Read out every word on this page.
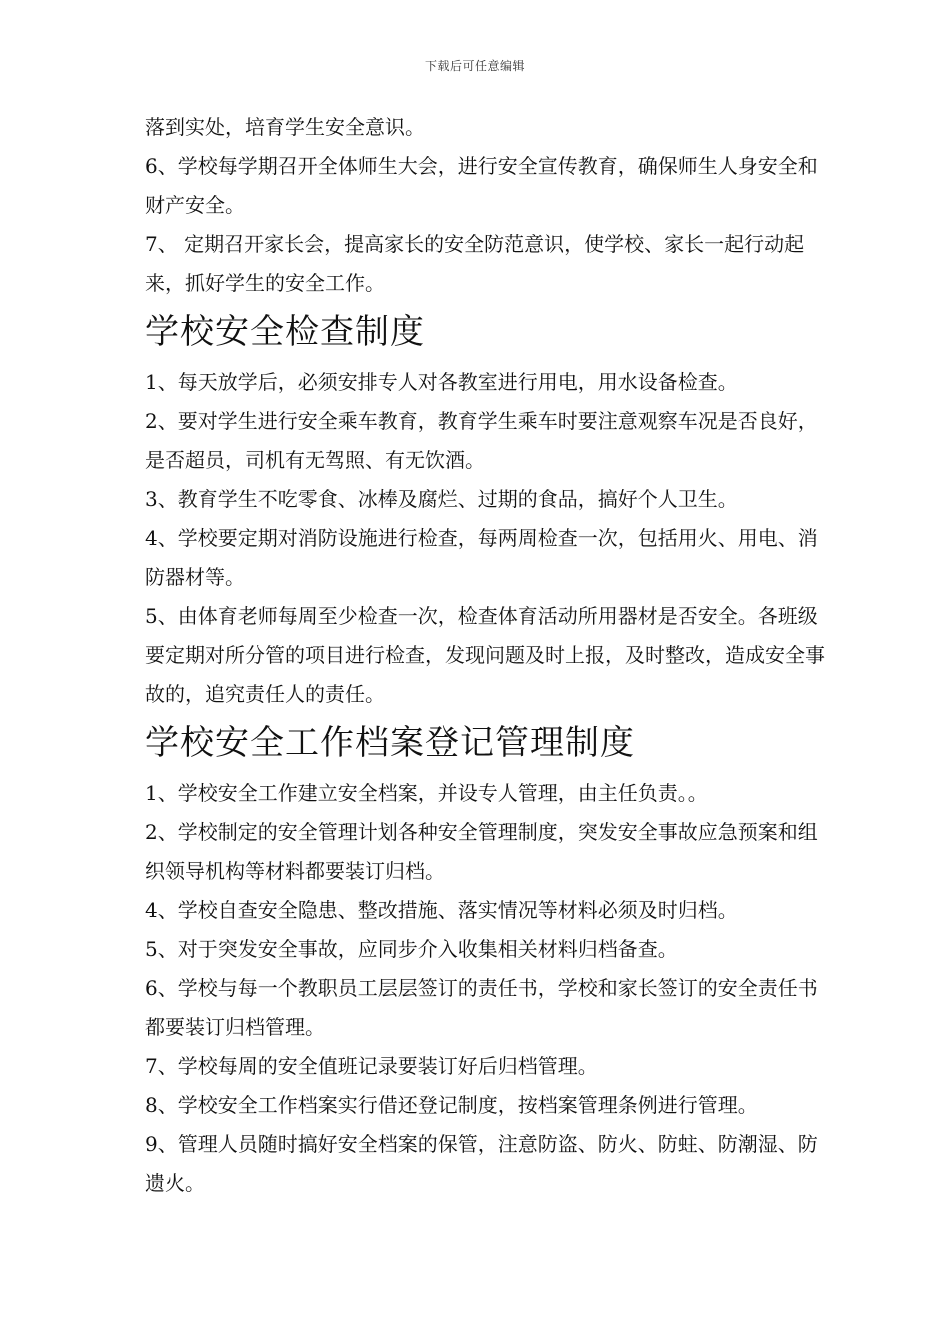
下载后可任意编辑

落到实处，培育学生安全意识。

6、学校每学期召开全体师生大会，进行安全宣传教育，确保师生人身安全和财产安全。

7、 定期召开家长会，提高家长的安全防范意识，使学校、家长一起行动起来，抓好学生的安全工作。

学校安全检查制度

1、每天放学后，必须安排专人对各教室进行用电，用水设备检查。

2、要对学生进行安全乘车教育，教育学生乘车时要注意观察车况是否良好，是否超员，司机有无驾照、有无饮酒。

3、教育学生不吃零食、冰棒及腐烂、过期的食品，搞好个人卫生。

4、学校要定期对消防设施进行检查，每两周检查一次，包括用火、用电、消防器材等。

5、由体育老师每周至少检查一次，检查体育活动所用器材是否安全。各班级要定期对所分管的项目进行检查，发现问题及时上报，及时整改，造成安全事故的，追究责任人的责任。

学校安全工作档案登记管理制度

1、学校安全工作建立安全档案，并设专人管理，由主任负责。。

2、学校制定的安全管理计划各种安全管理制度，突发安全事故应急预案和组织领导机构等材料都要装订归档。

4、学校自查安全隐患、整改措施、落实情况等材料必须及时归档。

5、对于突发安全事故，应同步介入收集相关材料归档备查。

6、学校与每一个教职员工层层签订的责任书，学校和家长签订的安全责任书都要装订归档管理。

7、学校每周的安全值班记录要装订好后归档管理。

8、学校安全工作档案实行借还登记制度，按档案管理条例进行管理。

9、管理人员随时搞好安全档案的保管，注意防盗、防火、防蛀、防潮湿、防遗火。
